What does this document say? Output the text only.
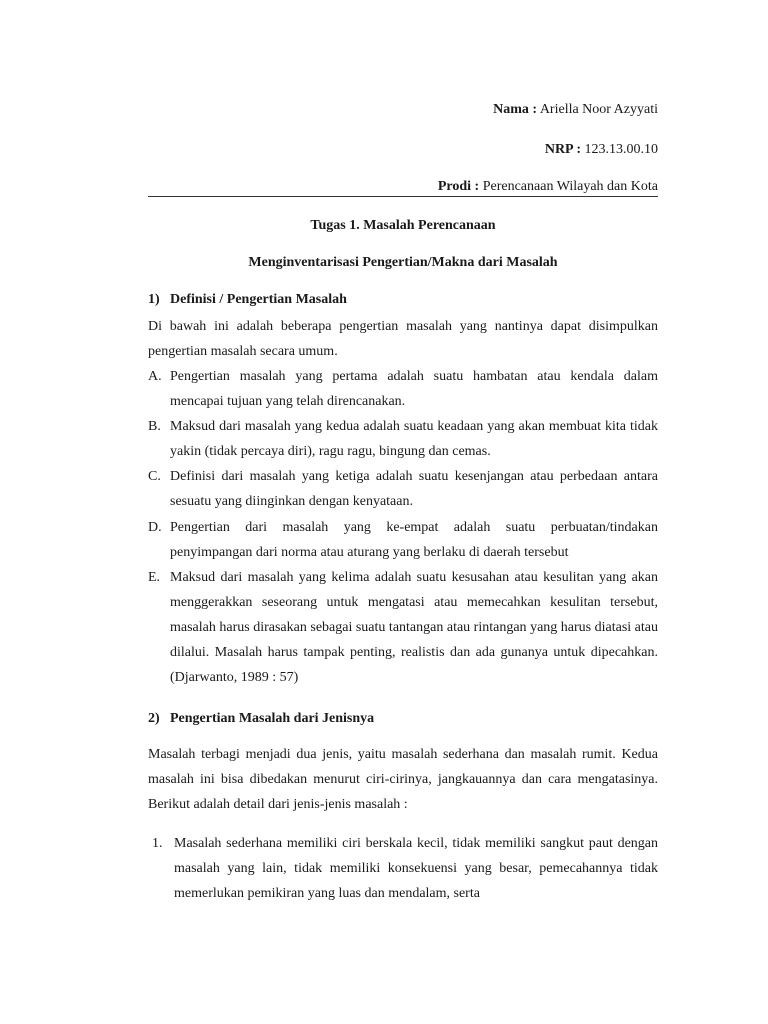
Nama : Ariella Noor Azyyati
NRP : 123.13.00.10
Prodi : Perencanaan Wilayah dan Kota
Tugas 1. Masalah Perencanaan
Menginventarisasi Pengertian/Makna dari Masalah
1) Definisi / Pengertian Masalah
Di bawah ini adalah beberapa pengertian masalah yang nantinya dapat disimpulkan pengertian masalah secara umum.
A. Pengertian masalah yang pertama adalah suatu hambatan atau kendala dalam mencapai tujuan yang telah direncanakan.
B. Maksud dari masalah yang kedua adalah suatu keadaan yang akan membuat kita tidak yakin (tidak percaya diri), ragu ragu, bingung dan cemas.
C. Definisi dari masalah yang ketiga adalah suatu kesenjangan atau perbedaan antara sesuatu yang diinginkan dengan kenyataan.
D. Pengertian dari masalah yang ke-empat adalah suatu perbuatan/tindakan penyimpangan dari norma atau aturang yang berlaku di daerah tersebut
E. Maksud dari masalah yang kelima adalah suatu kesusahan atau kesulitan yang akan menggerakkan seseorang untuk mengatasi atau memecahkan kesulitan tersebut, masalah harus dirasakan sebagai suatu tantangan atau rintangan yang harus diatasi atau dilalui. Masalah harus tampak penting, realistis dan ada gunanya untuk dipecahkan. (Djarwanto, 1989 : 57)
2) Pengertian Masalah dari Jenisnya
Masalah terbagi menjadi dua jenis, yaitu masalah sederhana dan masalah rumit. Kedua masalah ini bisa dibedakan menurut ciri-cirinya, jangkauannya dan cara mengatasinya. Berikut adalah detail dari jenis-jenis masalah :
1. Masalah sederhana memiliki ciri berskala kecil, tidak memiliki sangkut paut dengan masalah yang lain, tidak memiliki konsekuensi yang besar, pemecahannya tidak memerlukan pemikiran yang luas dan mendalam, serta
